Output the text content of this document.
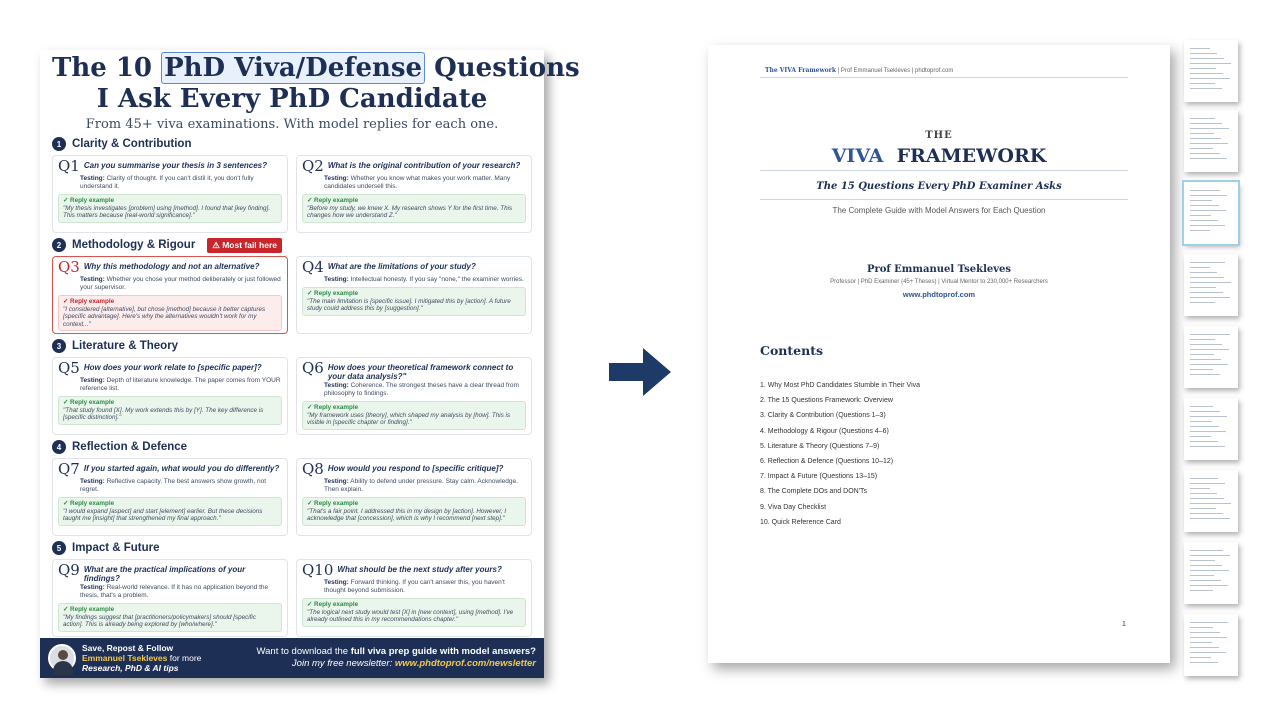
The 10 PhD Viva/Defense Questions
I Ask Every PhD Candidate
From 45+ viva examinations. With model replies for each one.
1 Clarity & Contribution
Q1 Can you summarise your thesis in 3 sentences?
Testing: Clarity of thought. If you can't distil it, you don't fully understand it.
✓ Reply example
"My thesis investigates [problem] using [method]. I found that [key finding]. This matters because [real-world significance]."
Q2 What is the original contribution of your research?
Testing: Whether you know what makes your work matter. Many candidates undersell this.
✓ Reply example
"Before my study, we knew X. My research shows Y for the first time. This changes how we understand Z."
2 Methodology & Rigour	⚠ Most fail here
Q3 Why this methodology and not an alternative?
Testing: Whether you chose your method deliberately or just followed your supervisor.
✓ Reply example
"I considered [alternative], but chose [method] because it better captures [specific advantage]. Here's why the alternatives wouldn't work for my context..."
Q4 What are the limitations of your study?
Testing: Intellectual honesty. If you say "none," the examiner worries.
✓ Reply example
"The main limitation is [specific issue]. I mitigated this by [action]. A future study could address this by [suggestion]."
3 Literature & Theory
Q5 How does your work relate to [specific paper]?
Testing: Depth of literature knowledge. The paper comes from YOUR reference list.
✓ Reply example
"That study found [X]. My work extends this by [Y]. The key difference is [specific distinction]."
Q6 How does your theoretical framework connect to your data analysis?"
Testing: Coherence. The strongest theses have a clear thread from philosophy to findings.
✓ Reply example
"My framework uses [theory], which shaped my analysis by [how]. This is visible in [specific chapter or finding]."
4 Reflection & Defence
Q7 If you started again, what would you do differently?
Testing: Reflective capacity. The best answers show growth, not regret.
✓ Reply example
"I would expand [aspect] and start [element] earlier. But these decisions taught me [insight] that strengthened my final approach."
Q8 How would you respond to [specific critique]?
Testing: Ability to defend under pressure. Stay calm. Acknowledge. Then explain.
✓ Reply example
"That's a fair point. I addressed this in my design by [action]. However, I acknowledge that [concession], which is why I recommend [next step]."
5 Impact & Future
Q9 What are the practical implications of your findings?
Testing: Real-world relevance. If it has no application beyond the thesis, that's a problem.
✓ Reply example
"My findings suggest that [practitioners/policymakers] should [specific action]. This is already being explored by [who/where]."
Q10 What should be the next study after yours?
Testing: Forward thinking. If you can't answer this, you haven't thought beyond submission.
✓ Reply example
"The logical next study would test [X] in [new context], using [method]. I've already outlined this in my recommendations chapter."
Save, Repost & Follow
Emmanuel Tsekleves for more
Research, PhD & AI tips
Want to download the full viva prep guide with model answers?
Join my free newsletter: www.phdtoprof.com/newsletter
The VIVA Framework | Prof Emmanuel Tsekleves | phdtoprof.com
THE
VIVA FRAMEWORK
The 15 Questions Every PhD Examiner Asks
The Complete Guide with Model Answers for Each Question
Prof Emmanuel Tsekleves
Professor | PhD Examiner (45+ Theses) | Virtual Mentor to 230,000+ Researchers
www.phdtoprof.com
Contents
1. Why Most PhD Candidates Stumble in Their Viva
2. The 15 Questions Framework: Overview
3. Clarity & Contribution (Questions 1–3)
4. Methodology & Rigour (Questions 4–6)
5. Literature & Theory (Questions 7–9)
6. Reflection & Defence (Questions 10–12)
7. Impact & Future (Questions 13–15)
8. The Complete DOs and DON'Ts
9. Viva Day Checklist
10. Quick Reference Card
1
